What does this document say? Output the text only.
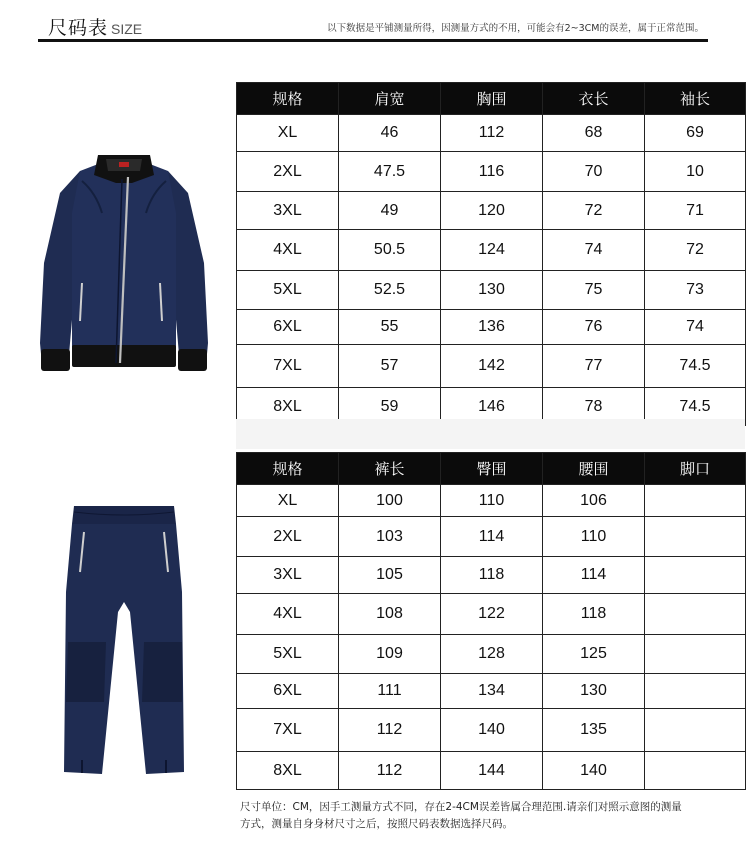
尺码表 SIZE	以下数据是平铺测量所得，因测量方式的不用，可能会有2~3CM的误差，属于正常范围。
规格	肩宽	胸围	衣长	袖长
XL	46	112	68	69
2XL	47.5	116	70	10
3XL	49	120	72	71
4XL	50.5	124	74	72
5XL	52.5	130	75	73
6XL	55	136	76	74
7XL	57	142	77	74.5
8XL	59	146	78	74.5
规格	裤长	臀围	腰围	脚口
XL	100	110	106	
2XL	103	114	110	
3XL	105	118	114	
4XL	108	122	118	
5XL	109	128	125	
6XL	111	134	130	
7XL	112	140	135	
8XL	112	144	140	
尺寸单位：CM，因手工测量方式不同，存在2-4CM误差皆属合理范围.请亲们对照示意图的测量
方式，测量自身身材尺寸之后，按照尺码表数据选择尺码。
